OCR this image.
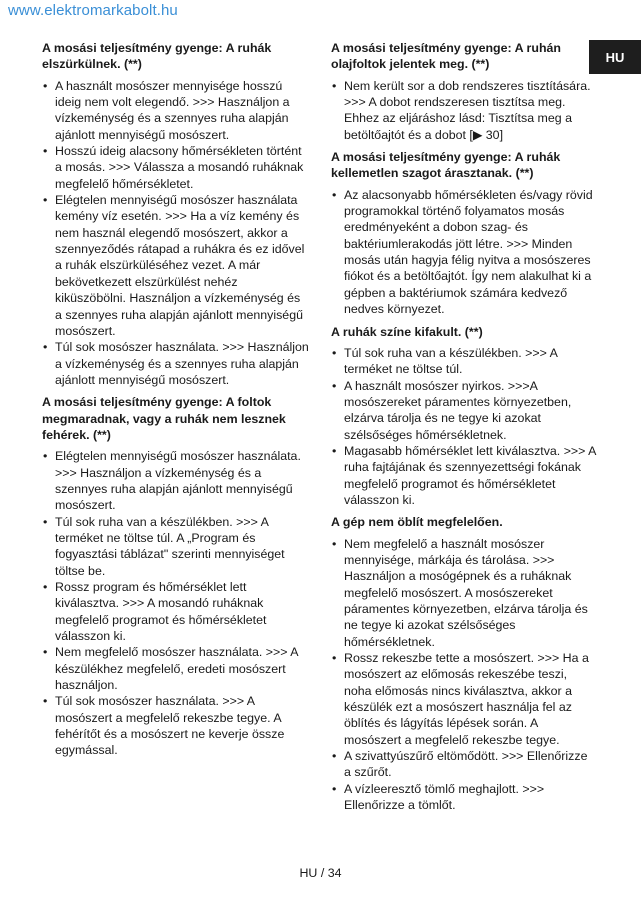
www.elektromarkabolt.hu
HU
A mosási teljesítmény gyenge: A ruhák elszürkülnek. (**)
• A használt mosószer mennyisége hosszú ideig nem volt elegendő. >>> Használjon a vízkeménység és a szennyes ruha alapján ajánlott mennyiségű mosószert.
• Hosszú ideig alacsony hőmérsékleten történt a mosás. >>> Válassza a mosandó ruháknak megfelelő hőmérsékletet.
• Elégtelen mennyiségű mosószer használata kemény víz esetén. >>> Ha a víz kemény és nem használ elegendő mosószert, akkor a szennyeződés rátapad a ruhákra és ez idővel a ruhák elszürküléséhez vezet. A már bekövetkezett elszürkülést nehéz kiküszöbölni. Használjon a vízkeménység és a szennyes ruha alapján ajánlott mennyiségű mosószert.
• Túl sok mosószer használata. >>> Használjon a vízkeménység és a szennyes ruha alapján ajánlott mennyiségű mosószert.
A mosási teljesítmény gyenge: A foltok megmaradnak, vagy a ruhák nem lesznek fehérek. (**)
• Elégtelen mennyiségű mosószer használata. >>> Használjon a vízkeménység és a szennyes ruha alapján ajánlott mennyiségű mosószert.
• Túl sok ruha van a készülékben. >>> A terméket ne töltse túl. A „Program és fogyasztási táblázat" szerinti mennyiséget töltse be.
• Rossz program és hőmérséklet lett kiválasztva. >>> A mosandó ruháknak megfelelő programot és hőmérsékletet válasszon ki.
• Nem megfelelő mosószer használata. >>> A készülékhez megfelelő, eredeti mosószert használjon.
• Túl sok mosószer használata. >>> A mosószert a megfelelő rekeszbe tegye. A fehérítőt és a mosószert ne keverje össze egymással.
A mosási teljesítmény gyenge: A ruhán olajfoltok jelentek meg. (**)
• Nem került sor a dob rendszeres tisztítására. >>> A dobot rendszeresen tisztítsa meg. Ehhez az eljáráshoz lásd: Tisztítsa meg a betöltőajtót és a dobot [▶ 30]
A mosási teljesítmény gyenge: A ruhák kellemetlen szagot árasztanak. (**)
• Az alacsonyabb hőmérsékleten és/vagy rövid programokkal történő folyamatos mosás eredményeként a dobon szag- és baktériumlerakodás jött létre. >>> Minden mosás után hagyja félig nyitva a mosószeres fiókot és a betöltőajtót. Így nem alakulhat ki a gépben a baktériumok számára kedvező nedves környezet.
A ruhák színe kifakult. (**)
• Túl sok ruha van a készülékben. >>> A terméket ne töltse túl.
• A használt mosószer nyirkos. >>>A mosószereket páramentes környezetben, elzárva tárolja és ne tegye ki azokat szélsőséges hőmérsékletnek.
• Magasabb hőmérséklet lett kiválasztva. >>> A ruha fajtájának és szennyezettségi fokának megfelelő programot és hőmérsékletet válasszon ki.
A gép nem öblít megfelelően.
• Nem megfelelő a használt mosószer mennyisége, márkája és tárolása. >>> Használjon a mosógépnek és a ruháknak megfelelő mosószert. A mosószereket páramentes környezetben, elzárva tárolja és ne tegye ki azokat szélsőséges hőmérsékletnek.
• Rossz rekeszbe tette a mosószert. >>> Ha a mosószert az előmosás rekeszébe teszi, noha előmosás nincs kiválasztva, akkor a készülék ezt a mosószert használja fel az öblítés és lágyítás lépések során. A mosószert a megfelelő rekeszbe tegye.
• A szivattyúszűrő eltömődött. >>> Ellenőrizze a szűrőt.
• A vízleeresztő tömlő meghajlott. >>> Ellenőrizze a tömlőt.
HU / 34
